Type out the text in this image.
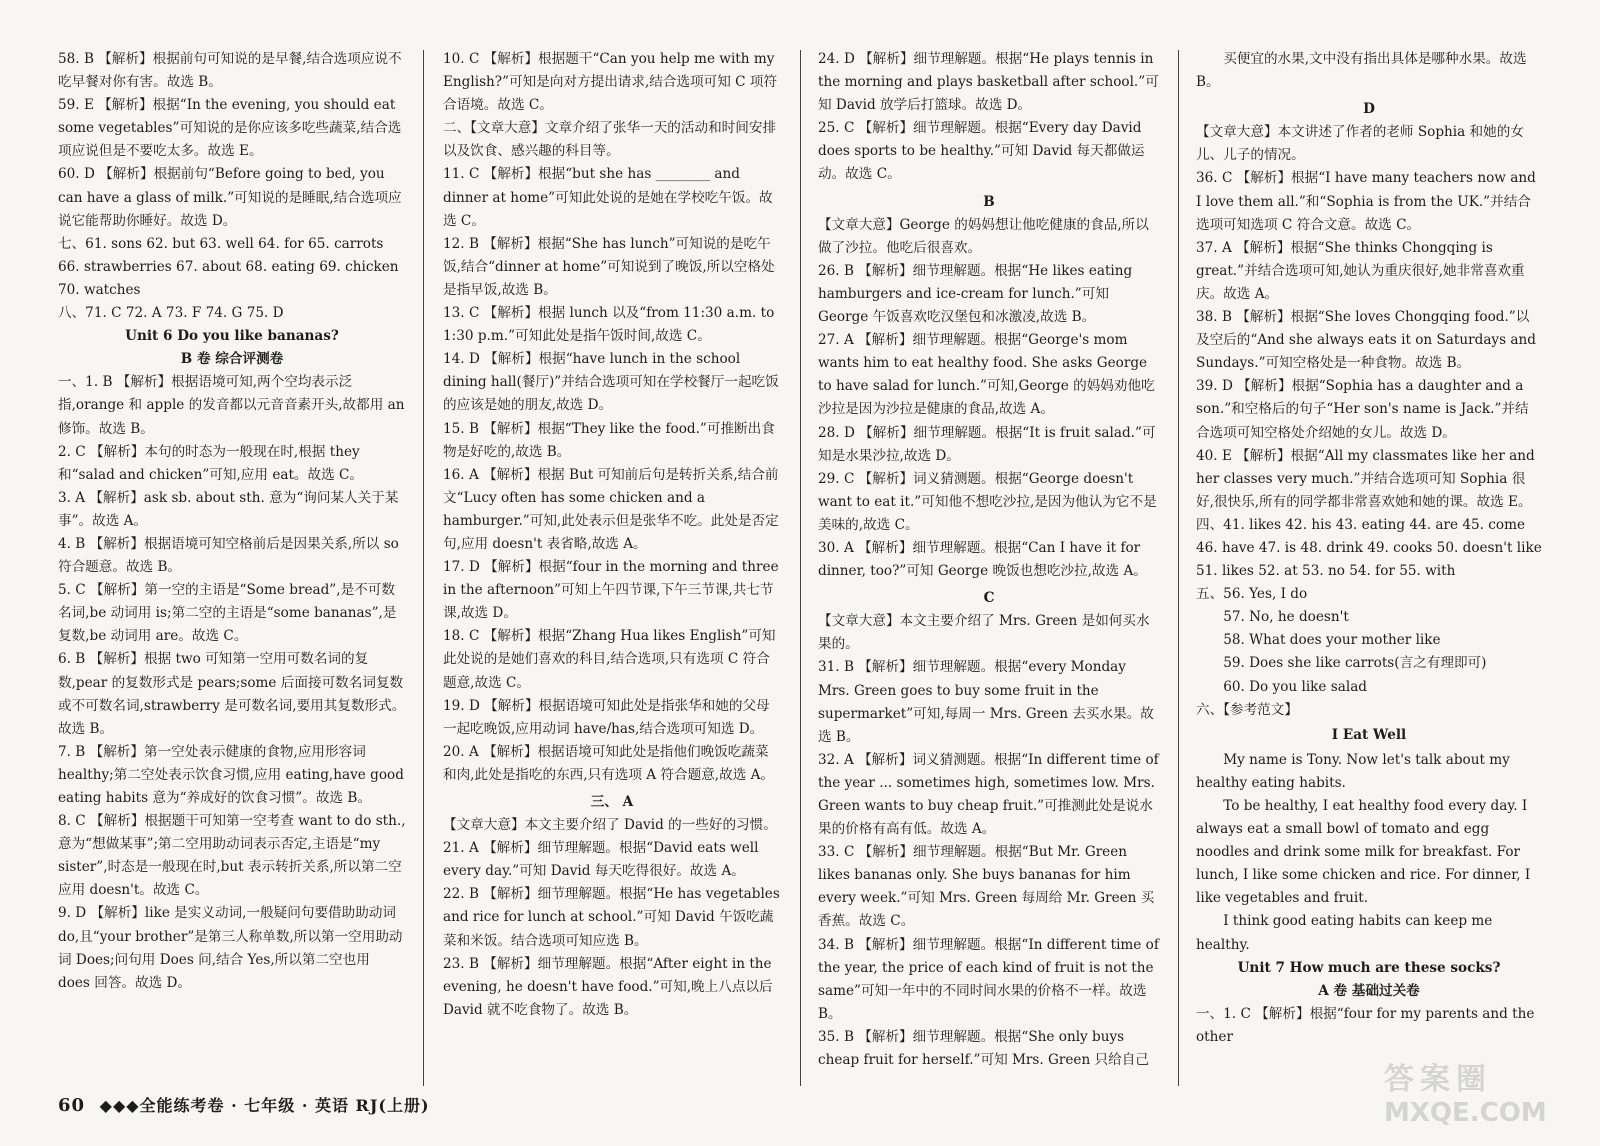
58. B 【解析】根据前句可知说的是早餐,结合选项应说不吃早餐对你有害。故选 B。

59. E 【解析】根据“In the evening, you should eat some vegetables”可知说的是你应该多吃些蔬菜,结合选项应说但是不要吃太多。故选 E。

60. D 【解析】根据前句“Before going to bed, you can have a glass of milk.”可知说的是睡眠,结合选项应说它能帮助你睡好。故选 D。

七、61. sons 62. but 63. well 64. for 65. carrots 66. strawberries 67. about 68. eating 69. chicken 70. watches

八、71. C 72. A 73. F 74. G 75. D

Unit 6 Do you like bananas?

B 卷 综合评测卷

一、1. B 【解析】根据语境可知,两个空均表示泛指,orange 和 apple 的发音都以元音音素开头,故都用 an 修饰。故选 B。

2. C 【解析】本句的时态为一般现在时,根据 they 和“salad and chicken”可知,应用 eat。故选 C。

3. A 【解析】ask sb. about sth. 意为“询问某人关于某事”。故选 A。

4. B 【解析】根据语境可知空格前后是因果关系,所以 so 符合题意。故选 B。

5. C 【解析】第一空的主语是“Some bread”,是不可数名词,be 动词用 is;第二空的主语是“some bananas”,是复数,be 动词用 are。故选 C。

6. B 【解析】根据 two 可知第一空用可数名词的复数,pear 的复数形式是 pears;some 后面接可数名词复数或不可数名词,strawberry 是可数名词,要用其复数形式。故选 B。

7. B 【解析】第一空处表示健康的食物,应用形容词 healthy;第二空处表示饮食习惯,应用 eating,have good eating habits 意为“养成好的饮食习惯”。故选 B。

8. C 【解析】根据题干可知第一空考查 want to do sth.,意为“想做某事”;第二空用助动词表示否定,主语是“my sister”,时态是一般现在时,but 表示转折关系,所以第二空应用 doesn't。故选 C。

9. D 【解析】like 是实义动词,一般疑问句要借助助动词 do,且“your brother”是第三人称单数,所以第一空用助动词 Does;问句用 Does 问,结合 Yes,所以第二空也用 does 回答。故选 D。

10. C 【解析】根据题干“Can you help me with my English?”可知是向对方提出请求,结合选项可知 C 项符合语境。故选 C。

二、【文章大意】文章介绍了张华一天的活动和时间安排以及饮食、感兴趣的科目等。

11. C 【解析】根据“but she has ________ and dinner at home”可知此处说的是她在学校吃午饭。故选 C。

12. B 【解析】根据“She has lunch”可知说的是吃午饭,结合“dinner at home”可知说到了晚饭,所以空格处是指早饭,故选 B。

13. C 【解析】根据 lunch 以及“from 11:30 a.m. to 1:30 p.m.”可知此处是指午饭时间,故选 C。

14. D 【解析】根据“have lunch in the school dining hall(餐厅)”并结合选项可知在学校餐厅一起吃饭的应该是她的朋友,故选 D。

15. B 【解析】根据“They like the food.”可推断出食物是好吃的,故选 B。

16. A 【解析】根据 But 可知前后句是转折关系,结合前文“Lucy often has some chicken and a hamburger.”可知,此处表示但是张华不吃。此处是否定句,应用 doesn't 表省略,故选 A。

17. D 【解析】根据“four in the morning and three in the afternoon”可知上午四节课,下午三节课,共七节课,故选 D。

18. C 【解析】根据“Zhang Hua likes English”可知此处说的是她们喜欢的科目,结合选项,只有选项 C 符合题意,故选 C。

19. D 【解析】根据语境可知此处是指张华和她的父母一起吃晚饭,应用动词 have/has,结合选项可知选 D。

20. A 【解析】根据语境可知此处是指他们晚饭吃蔬菜和肉,此处是指吃的东西,只有选项 A 符合题意,故选 A。

三、 A

【文章大意】本文主要介绍了 David 的一些好的习惯。

21. A 【解析】细节理解题。根据“David eats well every day.”可知 David 每天吃得很好。故选 A。

22. B 【解析】细节理解题。根据“He has vegetables and rice for lunch at school.”可知 David 午饭吃蔬菜和米饭。结合选项可知应选 B。

23. B 【解析】细节理解题。根据“After eight in the evening, he doesn't have food.”可知,晚上八点以后 David 就不吃食物了。故选 B。

24. D 【解析】细节理解题。根据“He plays tennis in the morning and plays basketball after school.”可知 David 放学后打篮球。故选 D。

25. C 【解析】细节理解题。根据“Every day David does sports to be healthy.”可知 David 每天都做运动。故选 C。

B

【文章大意】George 的妈妈想让他吃健康的食品,所以做了沙拉。他吃后很喜欢。

26. B 【解析】细节理解题。根据“He likes eating hamburgers and ice-cream for lunch.”可知 George 午饭喜欢吃汉堡包和冰激凌,故选 B。

27. A 【解析】细节理解题。根据“George's mom wants him to eat healthy food. She asks George to have salad for lunch.”可知,George 的妈妈劝他吃沙拉是因为沙拉是健康的食品,故选 A。

28. D 【解析】细节理解题。根据“It is fruit salad.”可知是水果沙拉,故选 D。

29. C 【解析】词义猜测题。根据“George doesn't want to eat it.”可知他不想吃沙拉,是因为他认为它不是美味的,故选 C。

30. A 【解析】细节理解题。根据“Can I have it for dinner, too?”可知 George 晚饭也想吃沙拉,故选 A。

C

【文章大意】本文主要介绍了 Mrs. Green 是如何买水果的。

31. B 【解析】细节理解题。根据“every Monday Mrs. Green goes to buy some fruit in the supermarket”可知,每周一 Mrs. Green 去买水果。故选 B。

32. A 【解析】词义猜测题。根据“In different time of the year ... sometimes high, sometimes low. Mrs. Green wants to buy cheap fruit.”可推测此处是说水果的价格有高有低。故选 A。

33. C 【解析】细节理解题。根据“But Mr. Green likes bananas only. She buys bananas for him every week.”可知 Mrs. Green 每周给 Mr. Green 买香蕉。故选 C。

34. B 【解析】细节理解题。根据“In different time of the year, the price of each kind of fruit is not the same”可知一年中的不同时间水果的价格不一样。故选 B。

35. B 【解析】细节理解题。根据“She only buys cheap fruit for herself.”可知 Mrs. Green 只给自己

买便宜的水果,文中没有指出具体是哪种水果。故选 B。

D

【文章大意】本文讲述了作者的老师 Sophia 和她的女儿、儿子的情况。

36. C 【解析】根据“I have many teachers now and I love them all.”和“Sophia is from the UK.”并结合选项可知选项 C 符合文意。故选 C。

37. A 【解析】根据“She thinks Chongqing is great.”并结合选项可知,她认为重庆很好,她非常喜欢重庆。故选 A。

38. B 【解析】根据“She loves Chongqing food.”以及空后的“And she always eats it on Saturdays and Sundays.”可知空格处是一种食物。故选 B。

39. D 【解析】根据“Sophia has a daughter and a son.”和空格后的句子“Her son's name is Jack.”并结合选项可知空格处介绍她的女儿。故选 D。

40. E 【解析】根据“All my classmates like her and her classes very much.”并结合选项可知 Sophia 很好,很快乐,所有的同学都非常喜欢她和她的课。故选 E。

四、41. likes 42. his 43. eating 44. are 45. come 46. have 47. is 48. drink 49. cooks 50. doesn't like 51. likes 52. at 53. no 54. for 55. with

五、56. Yes, I do

57. No, he doesn't

58. What does your mother like

59. Does she like carrots(言之有理即可)

60. Do you like salad

六、【参考范文】

I Eat Well

My name is Tony. Now let's talk about my healthy eating habits.

To be healthy, I eat healthy food every day. I always eat a small bowl of tomato and egg noodles and drink some milk for breakfast. For lunch, I like some chicken and rice. For dinner, I like vegetables and fruit.

I think good eating habits can keep me healthy.

Unit 7 How much are these socks?

A 卷 基础过关卷

一、1. C 【解析】根据“four for my parents and the other

60 ◆◆◆全能练考卷 · 七年级 · 英语 RJ(上册)
答案圈
MXQE.COM
